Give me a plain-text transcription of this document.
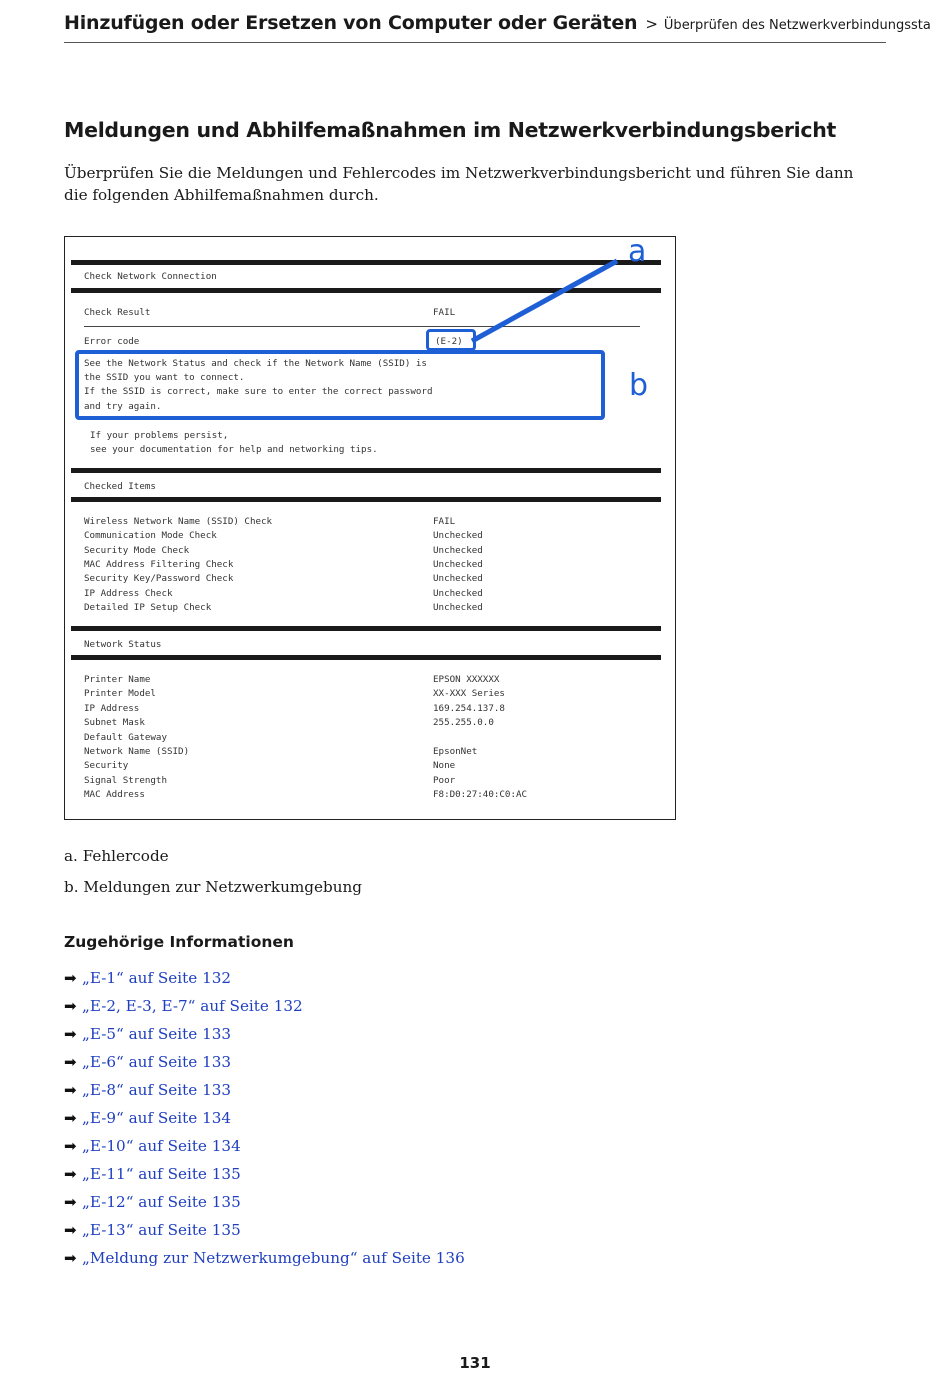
Hinzufügen oder Ersetzen von Computer oder Geräten > Überprüfen des Netzwerkverbindungssta
Meldungen und Abhilfemaßnahmen im Netzwerkverbindungsbericht

Überprüfen Sie die Meldungen und Fehlercodes im Netzwerkverbindungsbericht und führen Sie dann die folgenden Abhilfemaßnahmen durch.

Check Network Connection
Check Result	FAIL
Error code	(E-2)
See the Network Status and check if the Network Name (SSID) is
the SSID you want to connect.
If the SSID is correct, make sure to enter the correct password
and try again.
If your problems persist,
see your documentation for help and networking tips.
Checked Items
Wireless Network Name (SSID) Check	FAIL
Communication Mode Check	Unchecked
Security Mode Check	Unchecked
MAC Address Filtering Check	Unchecked
Security Key/Password Check	Unchecked
IP Address Check	Unchecked
Detailed IP Setup Check	Unchecked
Network Status
Printer Name	EPSON XXXXXX
Printer Model	XX-XXX Series
IP Address	169.254.137.8
Subnet Mask	255.255.0.0
Default Gateway
Network Name (SSID)	EpsonNet
Security	None
Signal Strength	Poor
MAC Address	F8:D0:27:40:C0:AC
a
b

a. Fehlercode

b. Meldungen zur Netzwerkumgebung

Zugehörige Informationen
➡ „E-1“ auf Seite 132
➡ „E-2, E-3, E-7“ auf Seite 132
➡ „E-5“ auf Seite 133
➡ „E-6“ auf Seite 133
➡ „E-8“ auf Seite 133
➡ „E-9“ auf Seite 134
➡ „E-10“ auf Seite 134
➡ „E-11“ auf Seite 135
➡ „E-12“ auf Seite 135
➡ „E-13“ auf Seite 135
➡ „Meldung zur Netzwerkumgebung“ auf Seite 136
131
